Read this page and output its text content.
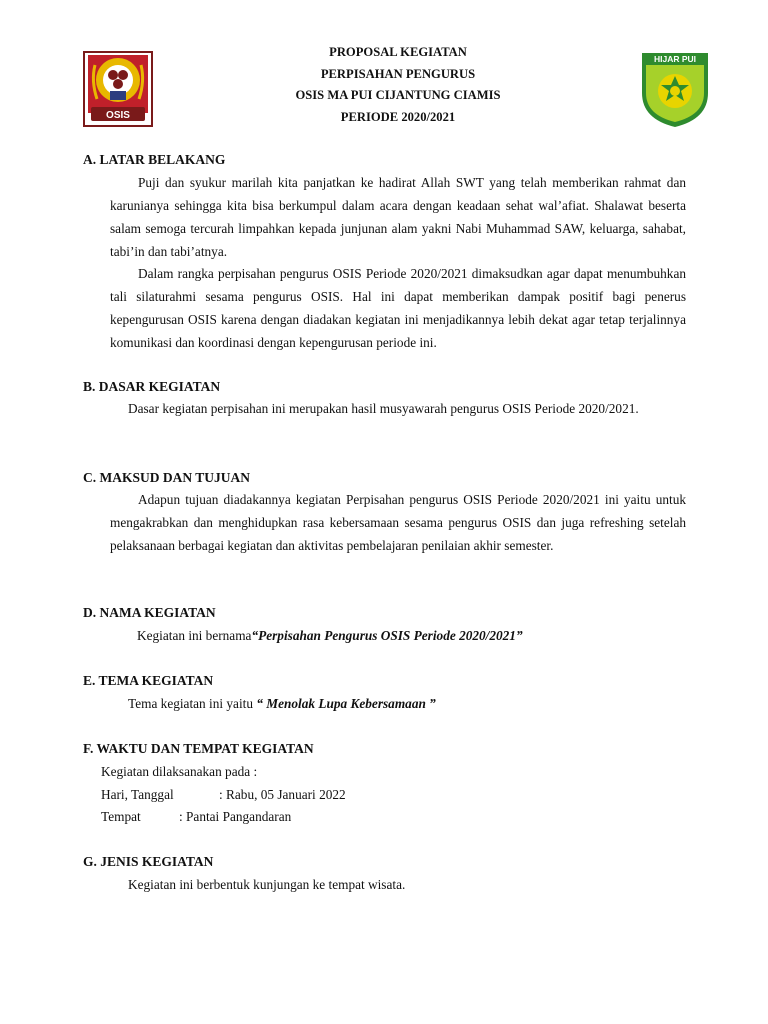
OSIS
PROPOSAL KEGIATAN
PERPISAHAN PENGURUS
OSIS MA PUI CIJANTUNG CIAMIS
PERIODE 2020/2021
HIJAR PUI
A. LATAR BELAKANG
Puji dan syukur marilah kita panjatkan ke hadirat Allah SWT yang telah memberikan rahmat dan karunianya sehingga kita bisa berkumpul dalam acara dengan keadaan sehat wal’afiat. Shalawat beserta salam semoga tercurah limpahkan kepada junjunan alam yakni Nabi Muhammad SAW, keluarga, sahabat, tabi’in dan tabi’atnya.
Dalam rangka perpisahan pengurus OSIS Periode 2020/2021 dimaksudkan agar dapat menumbuhkan tali silaturahmi sesama pengurus OSIS. Hal ini dapat memberikan dampak positif bagi penerus kepengurusan OSIS karena dengan diadakan kegiatan ini menjadikannya lebih dekat agar tetap terjalinnya komunikasi dan koordinasi dengan kepengurusan periode ini.
B. DASAR KEGIATAN
Dasar kegiatan perpisahan ini merupakan hasil musyawarah pengurus OSIS Periode 2020/2021.
C. MAKSUD DAN TUJUAN
Adapun tujuan diadakannya kegiatan Perpisahan pengurus OSIS Periode 2020/2021 ini yaitu untuk mengakrabkan dan menghidupkan rasa kebersamaan sesama pengurus OSIS dan juga refreshing setelah pelaksanaan berbagai kegiatan dan aktivitas pembelajaran penilaian akhir semester.
D. NAMA KEGIATAN
Kegiatan ini bernama“Perpisahan Pengurus OSIS Periode 2020/2021”
E. TEMA KEGIATAN
Tema kegiatan ini yaitu “ Menolak Lupa Kebersamaan ”
F. WAKTU DAN TEMPAT KEGIATAN
Kegiatan dilaksanakan pada :
Hari, Tanggal	: Rabu, 05 Januari 2022
Tempat	: Pantai Pangandaran
G. JENIS KEGIATAN
Kegiatan ini berbentuk kunjungan ke tempat wisata.
